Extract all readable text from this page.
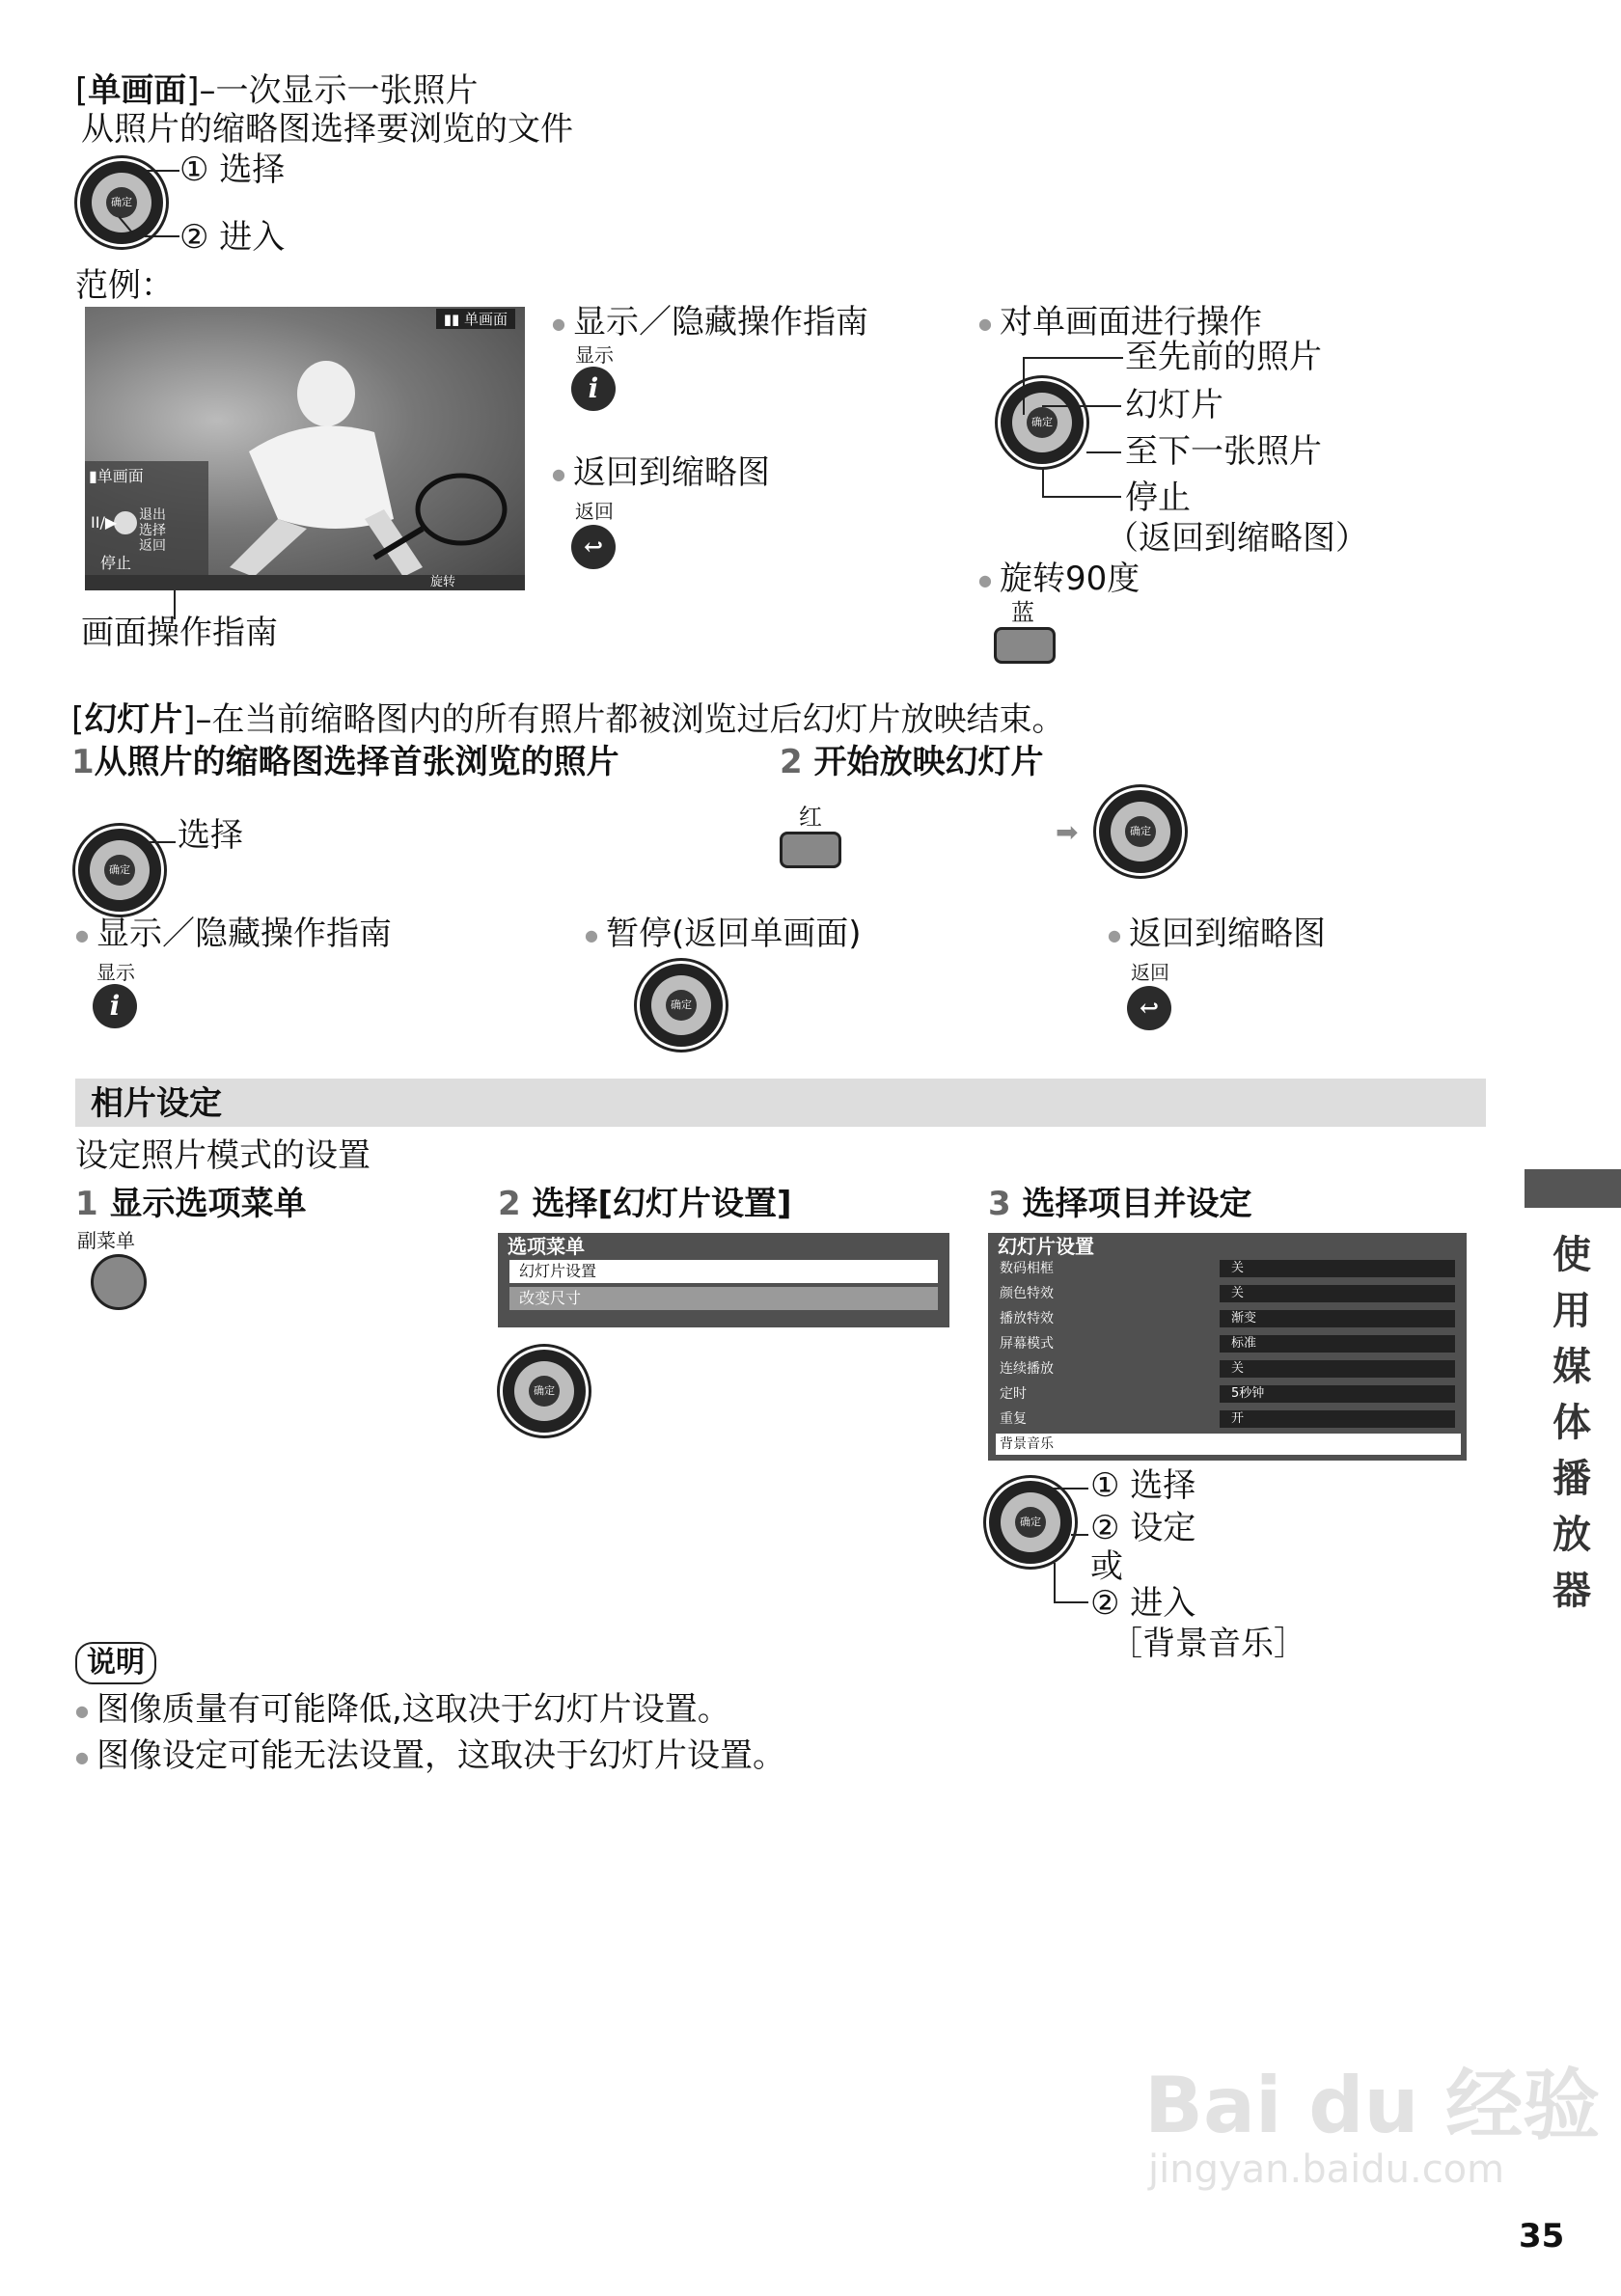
[单画面]–一次显示一张照片
从照片的缩略图选择要浏览的文件
确定
① 选择
② 进入
范例：
▮▮ 单画面
▮单画面
退出
选择
返回
II/▶
停止
旋转
画面操作指南
● 显示／隐藏操作指南
显示
i
● 返回到缩略图
返回
↩
● 对单画面进行操作
确定
至先前的照片
幻灯片
至下一张照片
停止
（返回到缩略图）
● 旋转90度
蓝
[幻灯片]–在当前缩略图内的所有照片都被浏览过后幻灯片放映结束。
1从照片的缩略图选择首张浏览的照片	2 开始放映幻灯片
确定
选择	红	➡	确定
● 显示／隐藏操作指南
显示
i
● 暂停(返回单画面)
确定
● 返回到缩略图
返回
↩
相片设定
设定照片模式的设置
1 显示选项菜单
副菜单
2 选择[幻灯片设置]
选项菜单
幻灯片设置
改变尺寸
确定
3 选择项目并设定
幻灯片设置
数码相框	关
颜色特效	关
播放特效	渐变
屏幕模式	标准
连续播放	关
定时	5秒钟
重复	开
背景音乐
确定
① 选择
② 设定
或
② 进入
［背景音乐］
说明
● 图像质量有可能降低,这取决于幻灯片设置。
● 图像设定可能无法设置，这取决于幻灯片设置。
使
用
媒
体
播
放
器
Bai du 经验
jingyan.baidu.com
35
